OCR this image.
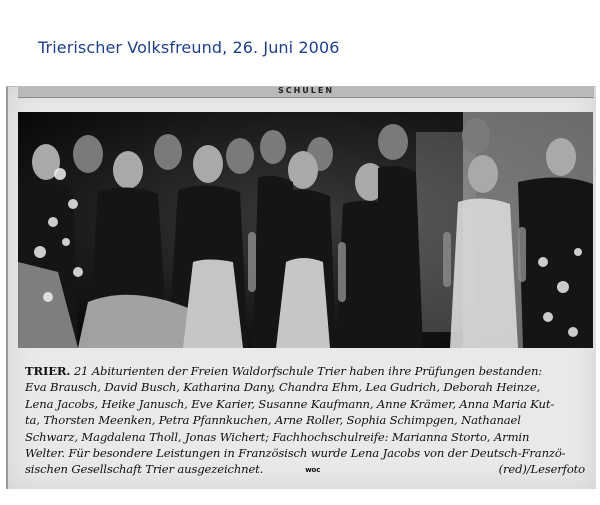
Trierischer Volksfreund, 26. Juni 2006
SCHULEN
TRIER. 21 Abiturienten der Freien Waldorfschule Trier haben ihre Prüfungen bestanden:
Eva Brausch, David Busch, Katharina Dany, Chandra Ehm, Lea Gudrich, Deborah Heinze,
Lena Jacobs, Heike Janusch, Eve Karier, Susanne Kaufmann, Anne Krämer, Anna Maria Kut-
ta, Thorsten Meenken, Petra Pfannkuchen, Arne Roller, Sophia Schimpgen, Nathanael
Schwarz, Magdalena Tholl, Jonas Wichert; Fachhochschulreife: Marianna Storto, Armin
Welter. Für besondere Leistungen in Französisch wurde Lena Jacobs von der Deutsch-Franzö-
sischen Gesellschaft Trier ausgezeichnet.	woc	(red)/Leserfoto
